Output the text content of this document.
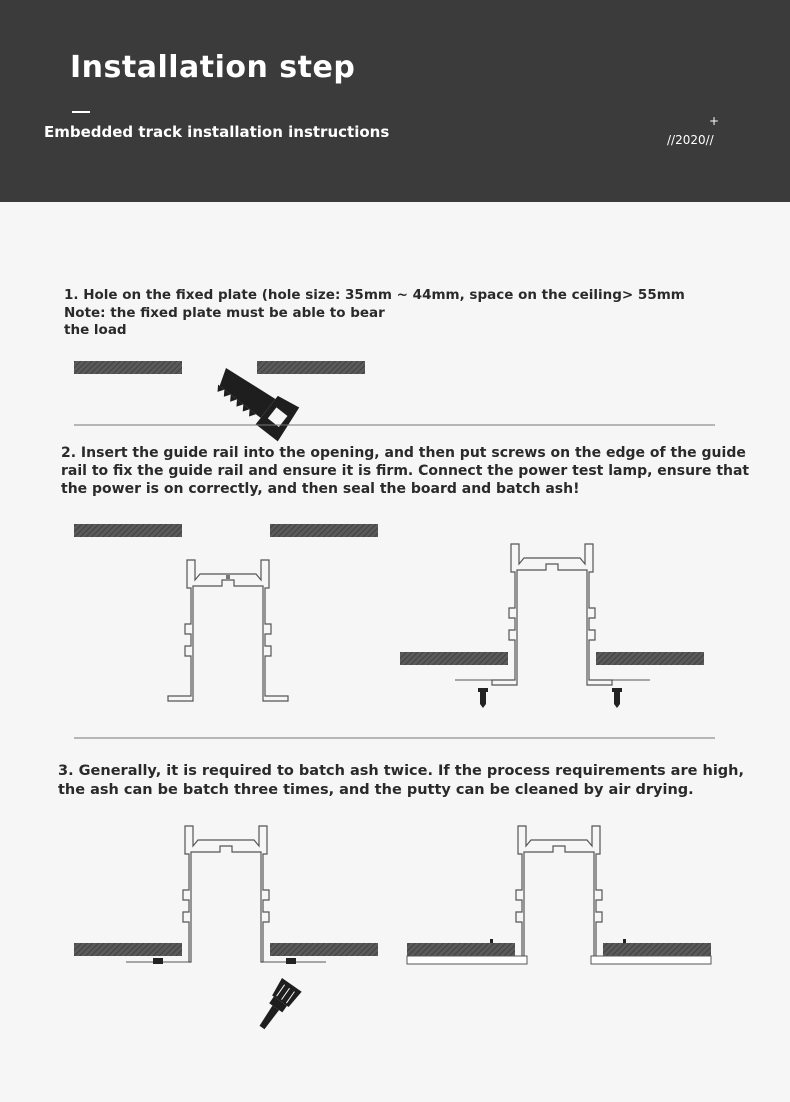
Installation step
Embedded track installation instructions
+
//2020//
1. Hole on the fixed plate (hole size: 35mm ~ 44mm, space on the ceiling> 55mm
Note: the fixed plate must be able to bear the load
2. Insert the guide rail into the opening, and then put screws on the edge of the guide rail to fix the guide rail and ensure it is firm. Connect the power test lamp, ensure that the power is on correctly, and then seal the board and batch ash!
3. Generally, it is required to batch ash twice. If the process requirements are high, the ash can be batch three times, and the putty can be cleaned by air drying.
